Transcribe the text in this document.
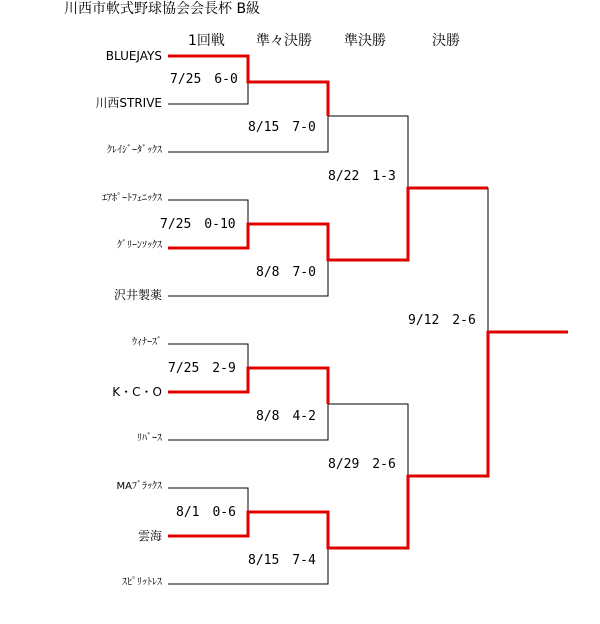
川西市軟式野球協会会長杯 B級
1回戦 準々決勝 準決勝	決勝
BLUEJAYS
川西STRIVE
ｸﾚｲｼﾞｰﾀﾞｯｸｽ
ｴｱﾎﾟｰﾄﾌｪﾆｯｸｽ
ｸﾞﾘｰﾝｿｯｸｽ
沢井製薬
ｳｨﾅｰｽﾞ
K・C・O
ﾘﾊﾞｰｽ
MAﾌﾞﾗｯｸｽ
雲海
ｽﾋﾟﾘｯﾄﾚｽ
7/25　6-0
7/25　0-10
7/25　2-9
8/1　0-6
8/15　7-0
8/8　7-0
8/8　4-2
8/15　7-4
8/22　1-3
8/29　2-6
9/12　2-6
